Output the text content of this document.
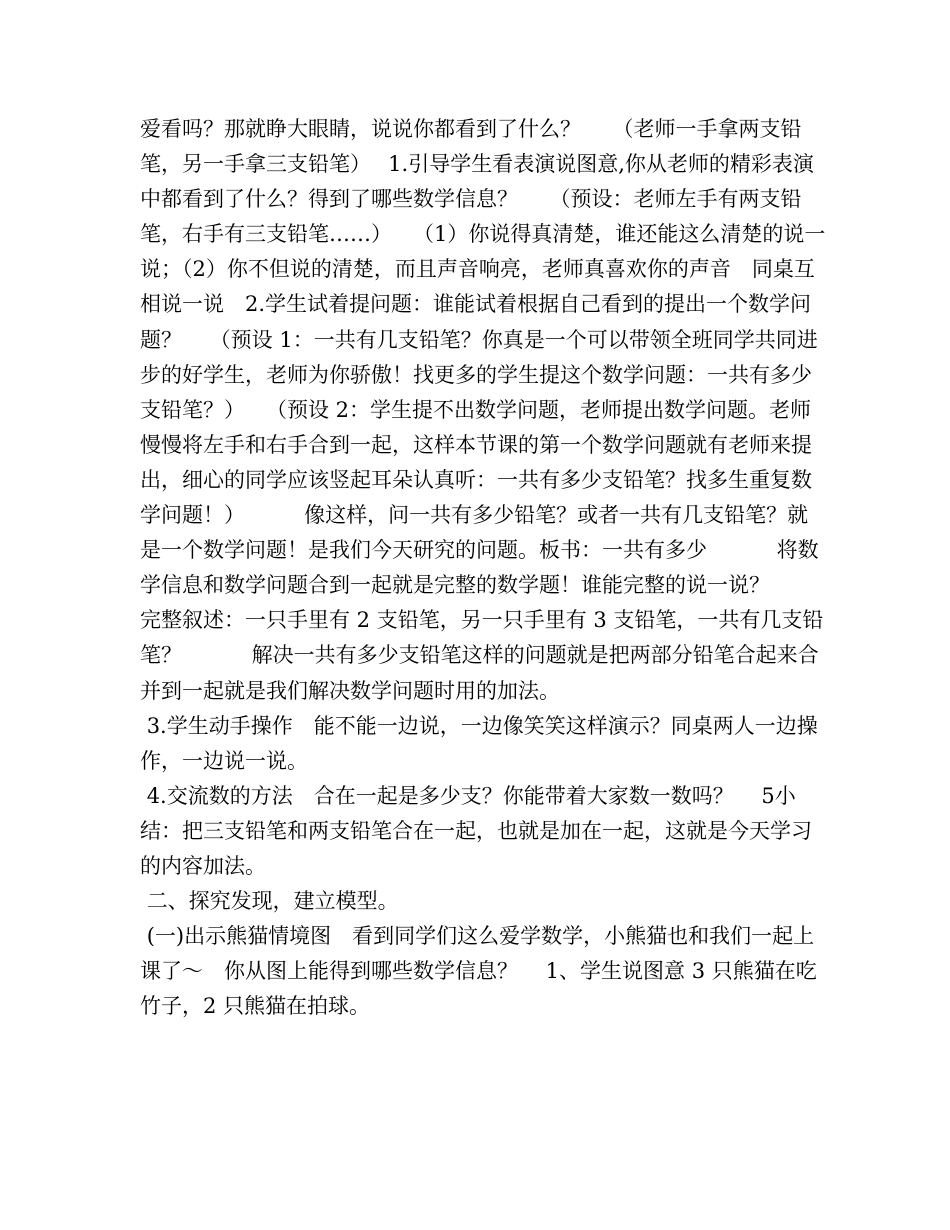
爱看吗？那就睁大眼睛，说说你都看到了什么？　　（老师一手拿两支铅笔，另一手拿三支铅笔）　 1.引导学生看表演说图意,你从老师的精彩表演中都看到了什么？得到了哪些数学信息？　　（预设：老师左手有两支铅笔，右手有三支铅笔……）　　（1）你说得真清楚，谁还能这么清楚的说一说；（2）你不但说的清楚，而且声音响亮，老师真喜欢你的声音　同桌互相说一说　2.学生试着提问题：谁能试着根据自己看到的提出一个数学问题？　 （预设 1：一共有几支铅笔？你真是一个可以带领全班同学共同进步的好学生，老师为你骄傲！找更多的学生提这个数学问题：一共有多少支铅笔？）　　（预设 2：学生提不出数学问题，老师提出数学问题。老师慢慢将左手和右手合到一起，这样本节课的第一个数学问题就有老师来提出，细心的同学应该竖起耳朵认真听：一共有多少支铅笔？找多生重复数学问题！）　　　 像这样，问一共有多少铅笔？或者一共有几支铅笔？就是一个数学问题！是我们今天研究的问题。板书：一共有多少　　　 将数学信息和数学问题合到一起就是完整的数学题！谁能完整的说一说？　　　 完整叙述：一只手里有 2 支铅笔，另一只手里有 3 支铅笔，一共有几支铅笔？　　　 解决一共有多少支铅笔这样的问题就是把两部分铅笔合起来合并到一起就是我们解决数学问题时用的加法。

3.学生动手操作　能不能一边说，一边像笑笑这样演示？同桌两人一边操作，一边说一说。

4.交流数的方法　合在一起是多少支？你能带着大家数一数吗？　 5小结：把三支铅笔和两支铅笔合在一起，也就是加在一起，这就是今天学习的内容加法。

二、探究发现，建立模型。

(一)出示熊猫情境图　看到同学们这么爱学数学，小熊猫也和我们一起上课了～　你从图上能得到哪些数学信息？　 1、学生说图意 3 只熊猫在吃竹子，2 只熊猫在拍球。
